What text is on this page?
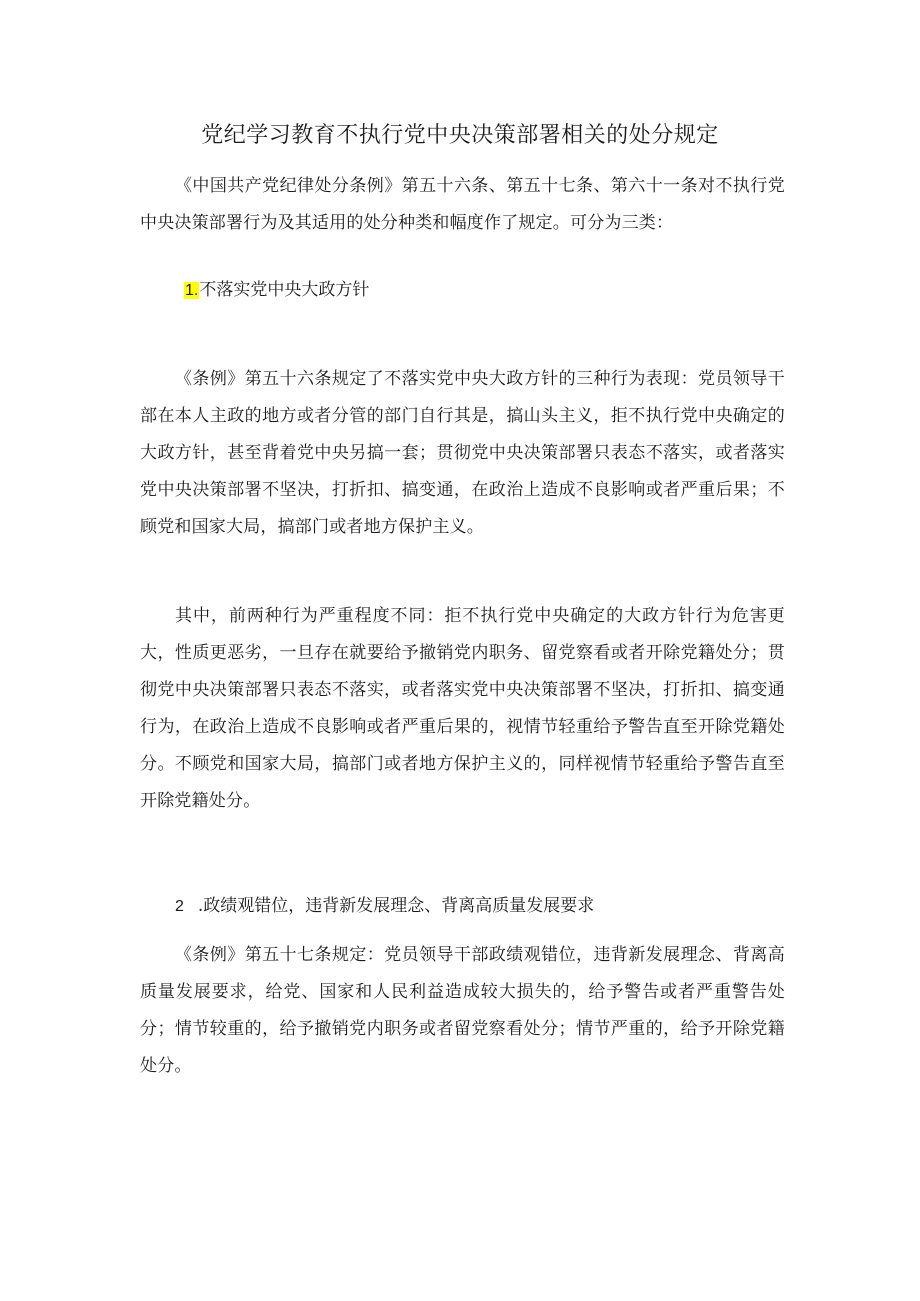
党纪学习教育不执行党中央决策部署相关的处分规定

《中国共产党纪律处分条例》第五十六条、第五十七条、第六十一条对不执行党中央决策部署行为及其适用的处分种类和幅度作了规定。可分为三类：

1.不落实党中央大政方针

《条例》第五十六条规定了不落实党中央大政方针的三种行为表现：党员领导干部在本人主政的地方或者分管的部门自行其是，搞山头主义，拒不执行党中央确定的大政方针，甚至背着党中央另搞一套；贯彻党中央决策部署只表态不落实，或者落实党中央决策部署不坚决，打折扣、搞变通，在政治上造成不良影响或者严重后果；不顾党和国家大局，搞部门或者地方保护主义。

其中，前两种行为严重程度不同：拒不执行党中央确定的大政方针行为危害更大，性质更恶劣，一旦存在就要给予撤销党内职务、留党察看或者开除党籍处分；贯彻党中央决策部署只表态不落实，或者落实党中央决策部署不坚决，打折扣、搞变通行为，在政治上造成不良影响或者严重后果的，视情节轻重给予警告直至开除党籍处分。不顾党和国家大局，搞部门或者地方保护主义的，同样视情节轻重给予警告直至开除党籍处分。

2 .政绩观错位，违背新发展理念、背离高质量发展要求

《条例》第五十七条规定：党员领导干部政绩观错位，违背新发展理念、背离高质量发展要求，给党、国家和人民利益造成较大损失的，给予警告或者严重警告处分；情节较重的，给予撤销党内职务或者留党察看处分；情节严重的，给予开除党籍处分。
